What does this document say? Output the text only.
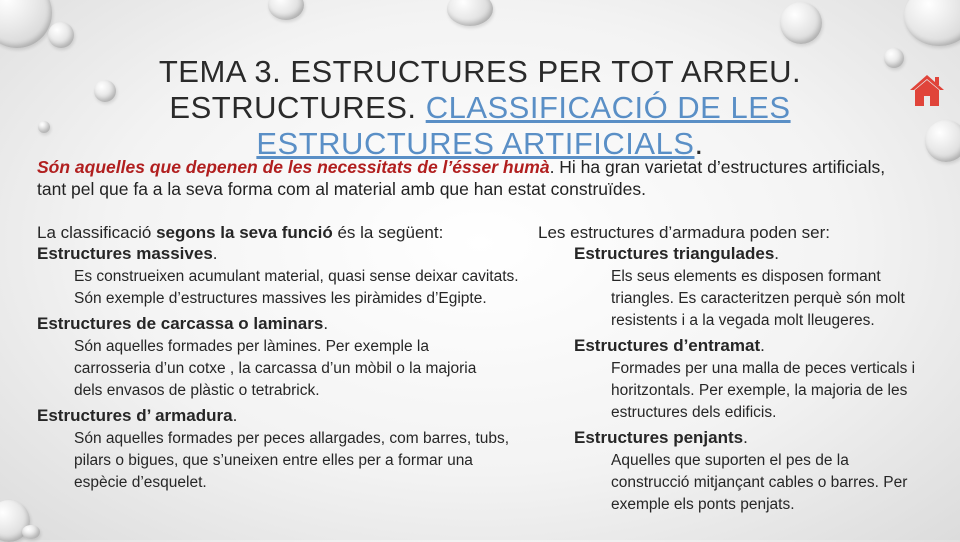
TEMA 3. ESTRUCTURES PER TOT ARREU.
ESTRUCTURES. CLASSIFICACIÓ DE LES
ESTRUCTURES ARTIFICIALS.
Són aquelles que depenen de les necessitats de l’ésser humà. Hi ha gran varietat d’estructures artificials, tant pel que fa a la seva forma com al material amb que han estat construïdes.

La classificació segons la seva funció és la següent:

Estructures massives.

Es construeixen acumulant material, quasi sense deixar cavitats. Són exemple d’estructures massives les piràmides d’Egipte.

Estructures de carcassa o laminars.

Són aquelles formades per làmines. Per exemple la carrosseria d’un cotxe , la carcassa d’un mòbil o la majoria dels envasos de plàstic o tetrabrick.

Estructures d’ armadura.

Són aquelles formades per peces allargades, com barres, tubs, pilars o bigues, que s’uneixen entre elles per a formar una espècie d’esquelet.

Les estructures d’armadura poden ser:

Estructures triangulades.

Els seus elements es disposen formant triangles. Es caracteritzen perquè són molt resistents i a la vegada molt lleugeres.

Estructures d’entramat.

Formades per una malla de peces verticals i horitzontals. Per exemple, la majoria de les estructures dels edificis.

Estructures penjants.

Aquelles que suporten el pes de la construcció mitjançant cables o barres. Per exemple els ponts penjats.
